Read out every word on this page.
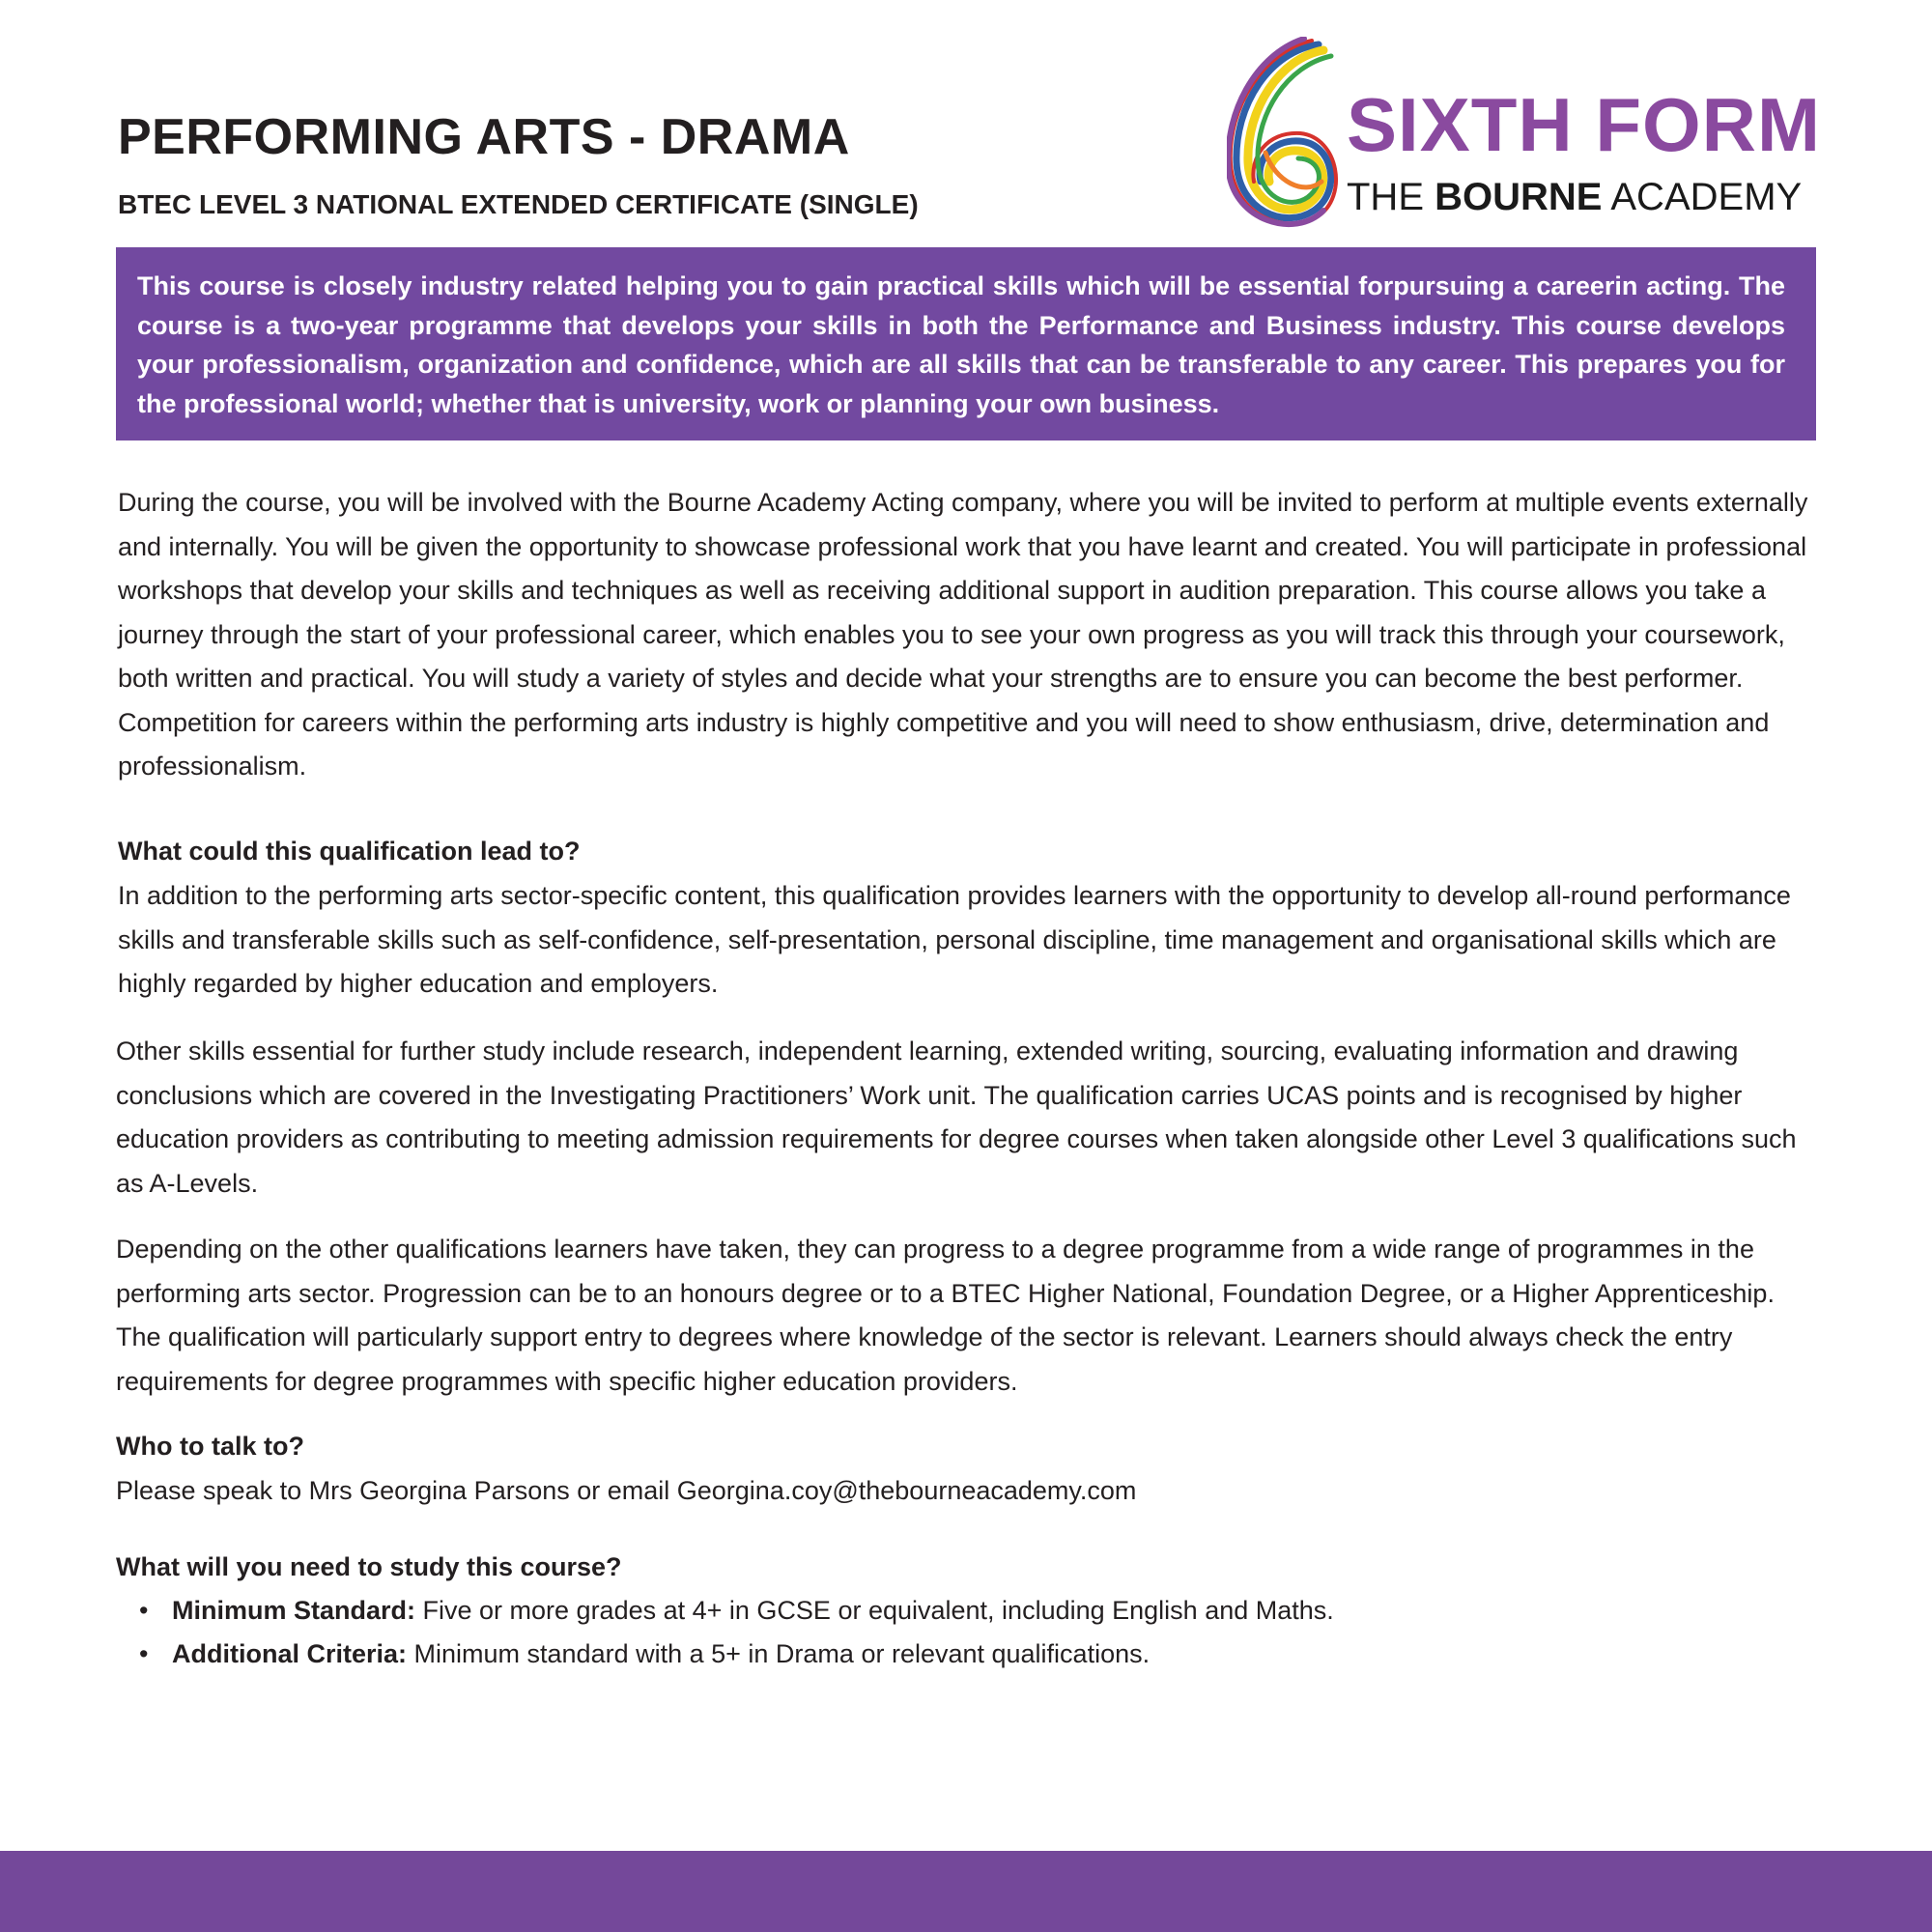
PERFORMING ARTS - DRAMA
BTEC LEVEL 3 NATIONAL EXTENDED CERTIFICATE (SINGLE)
SIXTH FORM
THE BOURNE ACADEMY

This course is closely industry related helping you to gain practical skills which will be essential forpursuing a careerin acting. The course is a two-year programme that develops your skills in both the Performance and Business industry. This course develops your professionalism, organization and confidence, which are all skills that can be transferable to any career. This prepares you for the professional world; whether that is university, work or planning your own business.

During the course, you will be involved with the Bourne Academy Acting company, where you will be invited to perform at multiple events externally and internally. You will be given the opportunity to showcase professional work that you have learnt and created. You will participate in professional workshops that develop your skills and techniques as well as receiving additional support in audition preparation. This course allows you take a journey through the start of your professional career, which enables you to see your own progress as you will track this through your coursework, both written and practical. You will study a variety of styles and decide what your strengths are to ensure you can become the best performer. Competition for careers within the performing arts industry is highly competitive and you will need to show enthusiasm, drive, determination and professionalism.

What could this qualification lead to?

In addition to the performing arts sector-specific content, this qualification provides learners with the opportunity to develop all-round performance skills and transferable skills such as self-confidence, self-presentation, personal discipline, time management and organisational skills which are highly regarded by higher education and employers.

Other skills essential for further study include research, independent learning, extended writing, sourcing, evaluating information and drawing conclusions which are covered in the Investigating Practitioners’ Work unit. The qualification carries UCAS points and is recognised by higher education providers as contributing to meeting admission requirements for degree courses when taken alongside other Level 3 qualifications such as A-Levels.

Depending on the other qualifications learners have taken, they can progress to a degree programme from a wide range of programmes in the performing arts sector. Progression can be to an honours degree or to a BTEC Higher National, Foundation Degree, or a Higher Apprenticeship. The qualification will particularly support entry to degrees where knowledge of the sector is relevant. Learners should always check the entry requirements for degree programmes with specific higher education providers.

Who to talk to?

Please speak to Mrs Georgina Parsons or email Georgina.coy@thebourneacademy.com

What will you need to study this course?
• Minimum Standard: Five or more grades at 4+ in GCSE or equivalent, including English and Maths.
• Additional Criteria: Minimum standard with a 5+ in Drama or relevant qualifications.
